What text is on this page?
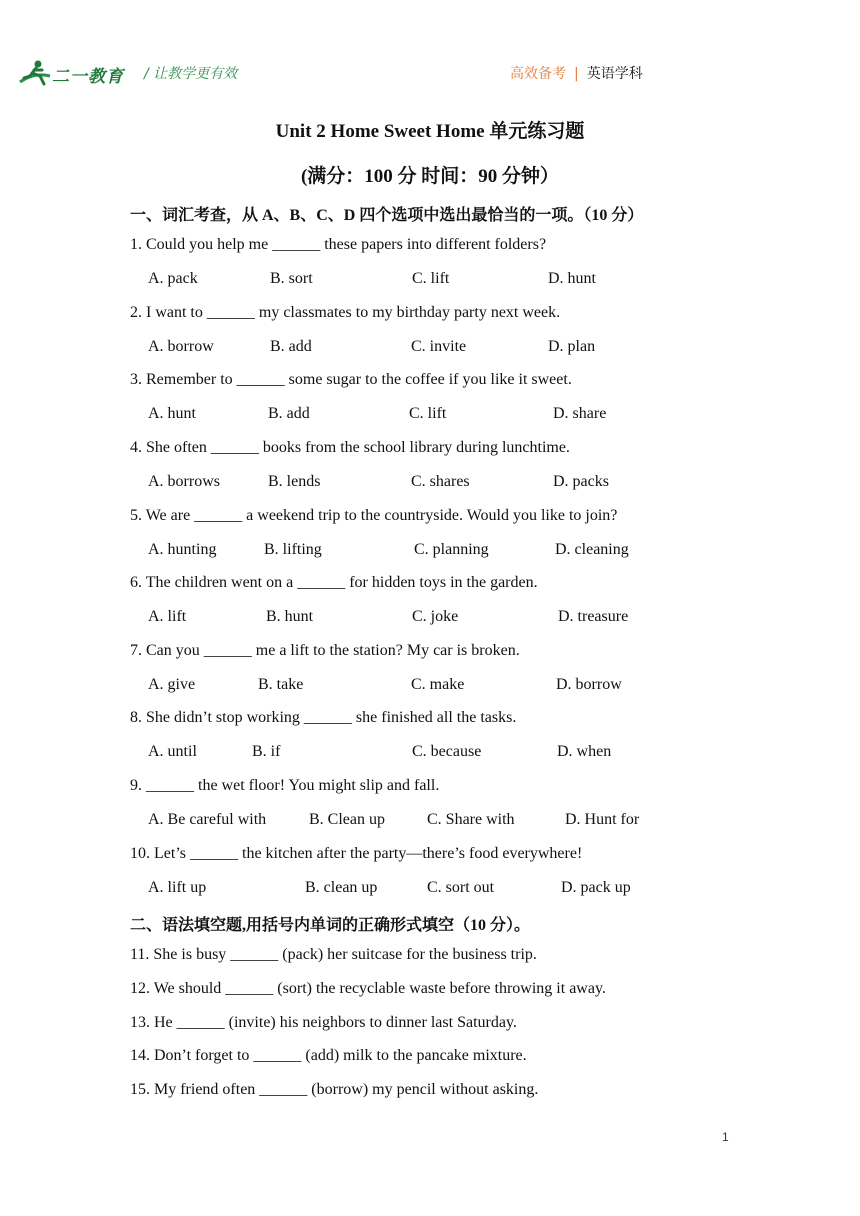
二一教育 / 让教学更有效	高效备考 | 英语学科
Unit 2 Home Sweet Home 单元练习题
(满分：100 分 时间：90 分钟）
一、词汇考查，从 A、B、C、D 四个选项中选出最恰当的一项。（10 分）
1. Could you help me ______ these papers into different folders?
A. pack	B. sort	C. lift	D. hunt
2. I want to ______ my classmates to my birthday party next week.
A. borrow	B. add	C. invite	D. plan
3. Remember to ______ some sugar to the coffee if you like it sweet.
A. hunt	B. add	C. lift	D. share
4. She often ______ books from the school library during lunchtime.
A. borrows	B. lends	C. shares	D. packs
5. We are ______ a weekend trip to the countryside. Would you like to join?
A. hunting	B. lifting	C. planning	D. cleaning
6. The children went on a ______ for hidden toys in the garden.
A. lift	B. hunt	C. joke	D. treasure
7. Can you ______ me a lift to the station? My car is broken.
A. give	B. take	C. make	D. borrow
8. She didn’t stop working ______ she finished all the tasks.
A. until	B. if	C. because	D. when
9. ______ the wet floor! You might slip and fall.
A. Be careful with	B. Clean up	C. Share with	D. Hunt for
10. Let’s ______ the kitchen after the party—there’s food everywhere!
A. lift up	B. clean up	C. sort out	D. pack up
二、语法填空题,用括号内单词的正确形式填空（10 分）。
11. She is busy ______ (pack) her suitcase for the business trip.
12. We should ______ (sort) the recyclable waste before throwing it away.
13. He ______ (invite) his neighbors to dinner last Saturday.
14. Don’t forget to ______ (add) milk to the pancake mixture.
15. My friend often ______ (borrow) my pencil without asking.
1
